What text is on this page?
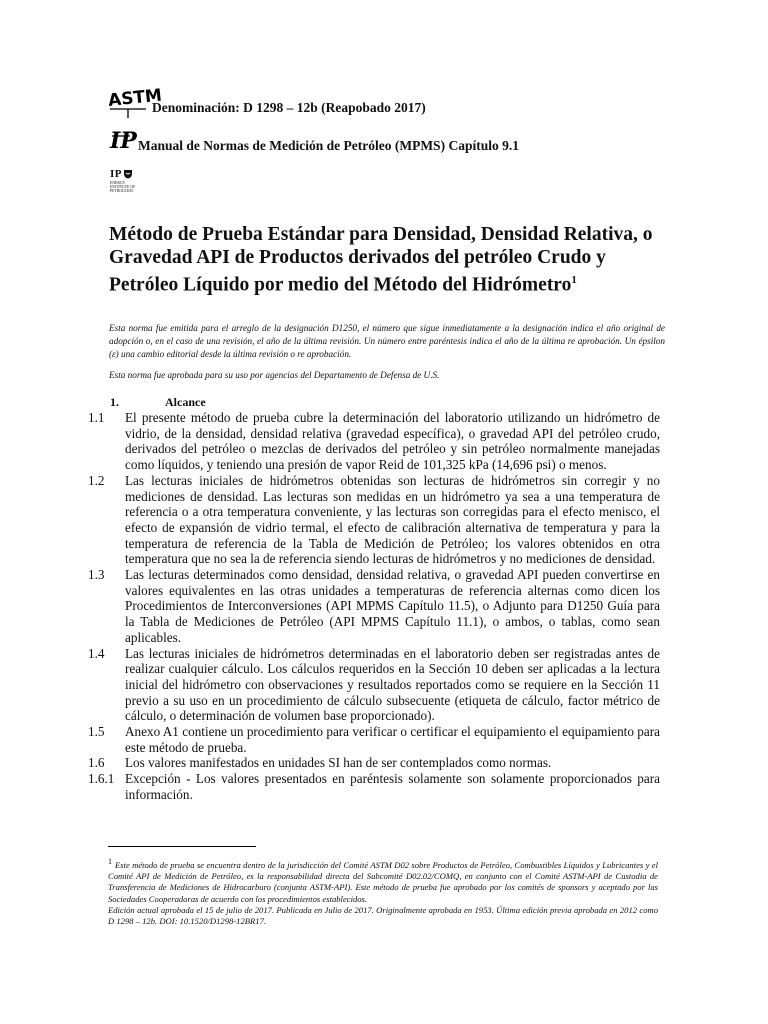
ASTM
Denominación: D 1298 – 12b (Reapobado 2017)
IP Manual de Normas de Medición de Petróleo (MPMS) Capítulo 9.1
IP
ENERGY INSTITUTE OF PETROLEUM
Método de Prueba Estándar para Densidad, Densidad Relativa, o Gravedad API de Productos derivados del petróleo Crudo y Petróleo Líquido por medio del Método del Hidrómetro$^1$
Esta norma fue emitida para el arreglo de la designación D1250, el número que sigue inmediatamente a la designación indica el año original de adopción o, en el caso de una revisión, el año de la última revisión. Un número entre paréntesis indica el año de la última re aprobación. Un épsilon (ε) una cambio editorial desde la última revisión o re aprobación.
Esta norma fue aprobada para su uso por agencias del Departamento de Defensa de U.S.
1.	Alcance
1.1	El presente método de prueba cubre la determinación del laboratorio utilizando un hidrómetro de vidrio, de la densidad, densidad relativa (gravedad específica), o gravedad API del petróleo crudo, derivados del petróleo o mezclas de derivados del petróleo y sin petróleo normalmente manejadas como líquidos, y teniendo una presión de vapor Reid de 101,325 kPa (14,696 psi) o menos.
1.2	Las lecturas iniciales de hidrómetros obtenidas son lecturas de hidrómetros sin corregir y no mediciones de densidad. Las lecturas son medidas en un hidrómetro ya sea a una temperatura de referencia o a otra temperatura conveniente, y las lecturas son corregidas para el efecto menisco, el efecto de expansión de vidrio termal, el efecto de calibración alternativa de temperatura y para la temperatura de referencia de la Tabla de Medición de Petróleo; los valores obtenidos en otra temperatura que no sea la de referencia siendo lecturas de hidrómetros y no mediciones de densidad.
1.3	Las lecturas determinados como densidad, densidad relativa, o gravedad API pueden convertirse en valores equivalentes en las otras unidades a temperaturas de referencia alternas como dicen los Procedimientos de Interconversiones (API MPMS Capítulo 11.5), o Adjunto para D1250 Guía para la Tabla de Mediciones de Petróleo (API MPMS Capítulo 11.1), o ambos, o tablas, como sean aplicables.
1.4	Las lecturas iniciales de hidrómetros determinadas en el laboratorio deben ser registradas antes de realizar cualquier cálculo. Los cálculos requeridos en la Sección 10 deben ser aplicadas a la lectura inicial del hidrómetro con observaciones y resultados reportados como se requiere en la Sección 11 previo a su uso en un procedimiento de cálculo subsecuente (etiqueta de cálculo, factor métrico de cálculo, o determinación de volumen base proporcionado).
1.5	Anexo A1 contiene un procedimiento para verificar o certificar el equipamiento el equipamiento para este método de prueba.
1.6	Los valores manifestados en unidades SI han de ser contemplados como normas.
1.6.1 Excepción - Los valores presentados en paréntesis solamente son solamente proporcionados para información.

1 Este método de prueba se encuentra dentro de la jurisdicción del Comité ASTM D02 sobre Productos de Petróleo, Combustibles Líquidos y Lubricantes y el Comité API de Medición de Petróleo, es la responsabilidad directa del Subcomité D02.02/COMQ, en conjunto con el Comité ASTM-API de Custodia de Transferencia de Mediciones de Hidrocarburo (conjunta ASTM-API). Este método de prueba fue aprobado por los comités de sponsors y aceptado por las Sociedades Cooperadoras de acuerdo con los procedimientos establecidos.

Edición actual aprobada el 15 de julio de 2017. Publicada en Julio de 2017. Originalmente aprobada en 1953. Última edición previa aprobada en 2012 como D 1298 – 12b. DOI: 10.1520/D1298-12BR17.
